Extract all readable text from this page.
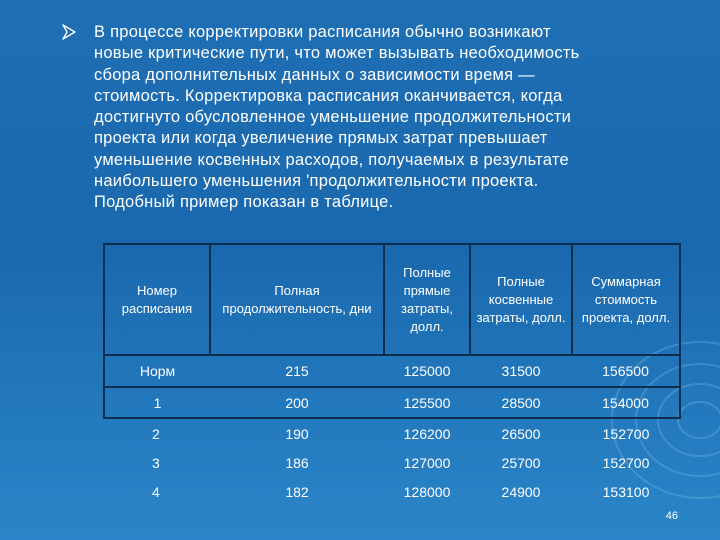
В процессе корректировки расписания обычно возникают
новые критические пути, что может вызывать необходимость
сбора дополнительных данных о зависимости время —
стоимость. Корректировка расписания оканчивается, когда
достигнуто обусловленное уменьшение продолжительности
проекта или когда увеличение прямых затрат превышает
уменьшение косвенных расходов, получаемых в результате
наибольшего уменьшения 'продолжительности проекта.
Подобный пример показан в таблице.
Номер расписания	Полная продолжительность, дни	Полные прямые затраты, долл.	Полные косвенные затраты, долл.	Суммарная стоимость проекта, долл.
Норм	215	125000	31500	156500
1	200	125500	28500	154000
2	190	126200	26500	152700
3	186	127000	25700	152700
4	182	128000	24900	153100
46
